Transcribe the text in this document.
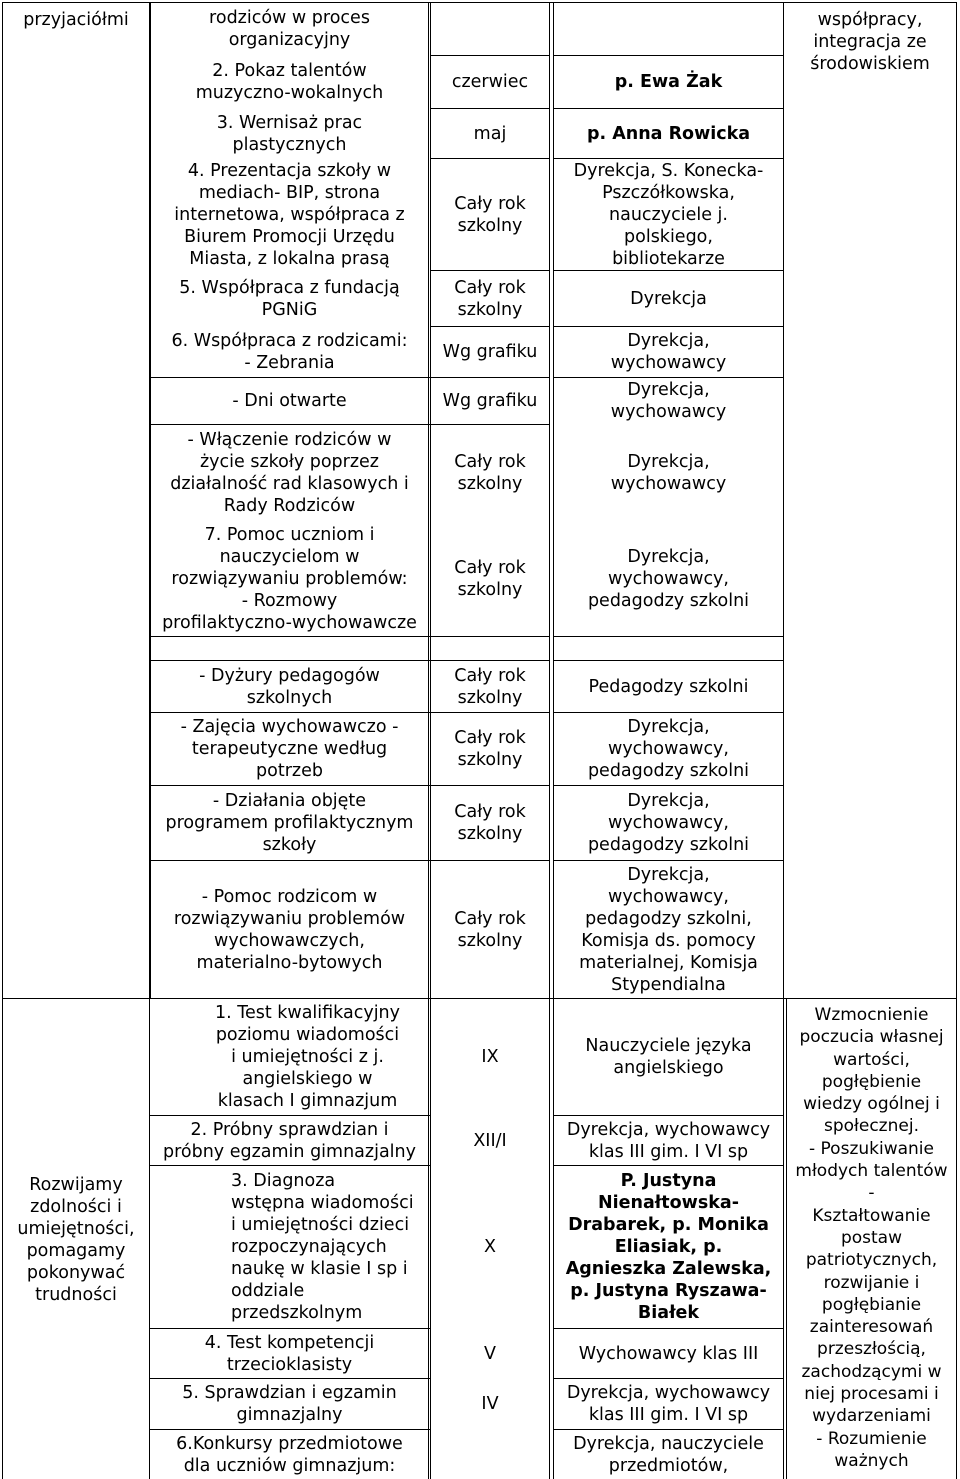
przyjaciółmi
Rozwijamy
zdolności i
umiejętności,
pomagamy
pokonywać
trudności
współpracy,
integracja ze
środowiskiem
Wzmocnienie
poczucia własnej
wartości,
pogłębienie
wiedzy ogólnej i
społecznej.
- Poszukiwanie
młodych talentów
-
Kształtowanie
postaw
patriotycznych,
rozwijanie i
pogłębianie
zainteresowań
przeszłością,
zachodzącymi w
niej procesami i
wydarzeniami
- Rozumienie
ważnych
rodziców w proces
organizacyjny
2. Pokaz talentów
muzyczno-wokalnych
3. Wernisaż prac
plastycznych
4. Prezentacja szkoły w
mediach- BIP, strona
internetowa, współpraca z
Biurem Promocji Urzędu
Miasta, z lokalna prasą
5. Współpraca z fundacją
PGNiG
6. Współpraca z rodzicami:
- Zebrania
- Dni otwarte
- Włączenie rodziców w
życie szkoły poprzez
działalność rad klasowych i
Rady Rodziców
7. Pomoc uczniom i
nauczycielom w
rozwiązywaniu problemów:
- Rozmowy
profilaktyczno-wychowawcze
- Dyżury pedagogów
szkolnych
- Zajęcia wychowawczo -
terapeutyczne według
potrzeb
- Działania objęte
programem profilaktycznym
szkoły
- Pomoc rodzicom w
rozwiązywaniu problemów
wychowawczych,
materialno-bytowych
1. Test kwalifikacyjny
poziomu wiadomości
i umiejętności z j.
angielskiego w
klasach I gimnazjum
2. Próbny sprawdzian i
próbny egzamin gimnazjalny
3. Diagnoza
wstępna wiadomości
i umiejętności dzieci
rozpoczynających
naukę w klasie I sp i
oddziale
przedszkolnym
4. Test kompetencji
trzecioklasisty
5. Sprawdzian i egzamin
gimnazjalny
6.Konkursy przedmiotowe
dla uczniów gimnazjum:
czerwiec
maj
Cały rok
szkolny
Cały rok
szkolny
Wg grafiku
Wg grafiku
Cały rok
szkolny
Cały rok
szkolny
Cały rok
szkolny
Cały rok
szkolny
Cały rok
szkolny
Cały rok
szkolny
IX
XII/I
X
V
IV
p. Ewa Żak
p. Anna Rowicka
Dyrekcja, S. Konecka-
Pszczółkowska,
nauczyciele j.
polskiego,
bibliotekarze
Dyrekcja
Dyrekcja,
wychowawcy
Dyrekcja,
wychowawcy
Dyrekcja,
wychowawcy
Dyrekcja,
wychowawcy,
pedagodzy szkolni
Pedagodzy szkolni
Dyrekcja,
wychowawcy,
pedagodzy szkolni
Dyrekcja,
wychowawcy,
pedagodzy szkolni
Dyrekcja,
wychowawcy,
pedagodzy szkolni,
Komisja ds. pomocy
materialnej, Komisja
Stypendialna
Nauczyciele języka
angielskiego
Dyrekcja, wychowawcy
klas III gim. I VI sp
P. Justyna
Nienałtowska-
Drabarek, p. Monika
Eliasiak, p.
Agnieszka Zalewska,
p. Justyna Ryszawa-
Białek
Wychowawcy klas III
Dyrekcja, wychowawcy
klas III gim. I VI sp
Dyrekcja, nauczyciele
przedmiotów,
